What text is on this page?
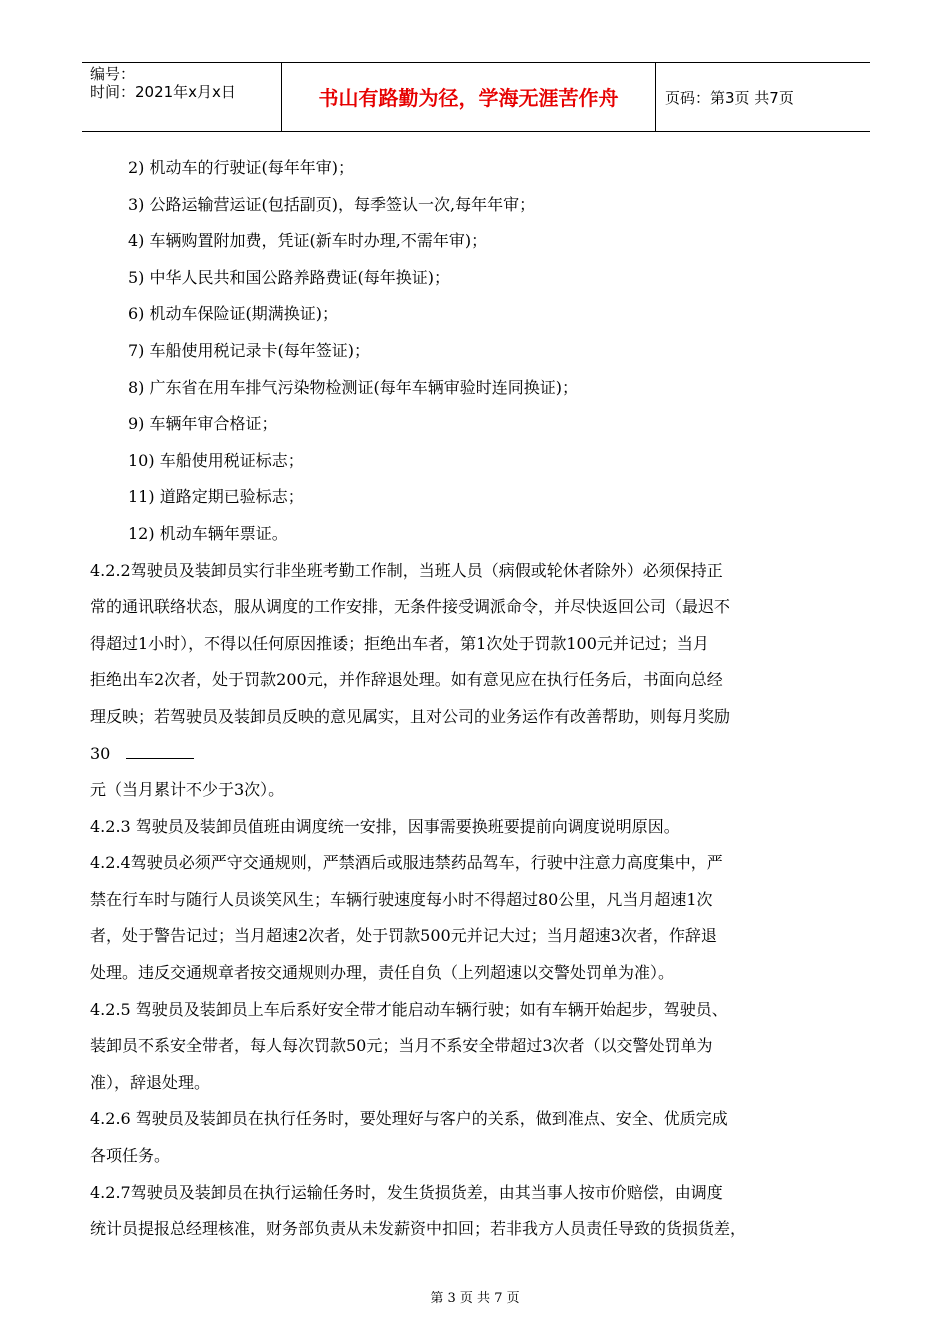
编号：
时间：2021年x月x日	书山有路勤为径，学海无涯苦作舟	页码：第3页 共7页
2) 机动车的行驶证(每年年审)；
3) 公路运输营运证(包括副页)，每季签认一次,每年年审；
4) 车辆购置附加费，凭证(新车时办理,不需年审)；
5) 中华人民共和国公路养路费证(每年换证)；
6) 机动车保险证(期满换证)；
7) 车船使用税记录卡(每年签证)；
8) 广东省在用车排气污染物检测证(每年车辆审验时连同换证)；
9) 车辆年审合格证；
10) 车船使用税证标志；
11) 道路定期已验标志；
12) 机动车辆年票证。
4.2.2驾驶员及装卸员实行非坐班考勤工作制，当班人员（病假或轮休者除外）必须保持正
常的通讯联络状态，服从调度的工作安排，无条件接受调派命令，并尽快返回公司（最迟不
得超过1小时），不得以任何原因推诿；拒绝出车者，第1次处于罚款100元并记过；当月
拒绝出车2次者，处于罚款200元，并作辞退处理。如有意见应在执行任务后，书面向总经
理反映；若驾驶员及装卸员反映的意见属实，且对公司的业务运作有改善帮助，则每月奖励
30
元（当月累计不少于3次）。
4.2.3 驾驶员及装卸员值班由调度统一安排，因事需要换班要提前向调度说明原因。
4.2.4驾驶员必须严守交通规则，严禁酒后或服违禁药品驾车，行驶中注意力高度集中，严
禁在行车时与随行人员谈笑风生；车辆行驶速度每小时不得超过80公里，凡当月超速1次
者，处于警告记过；当月超速2次者，处于罚款500元并记大过；当月超速3次者，作辞退
处理。违反交通规章者按交通规则办理，责任自负（上列超速以交警处罚单为准）。
4.2.5 驾驶员及装卸员上车后系好安全带才能启动车辆行驶；如有车辆开始起步，驾驶员、
装卸员不系安全带者，每人每次罚款50元；当月不系安全带超过3次者（以交警处罚单为
准），辞退处理。
4.2.6 驾驶员及装卸员在执行任务时，要处理好与客户的关系，做到准点、安全、优质完成
各项任务。
4.2.7驾驶员及装卸员在执行运输任务时，发生货损货差，由其当事人按市价赔偿，由调度
统计员提报总经理核准，财务部负责从未发薪资中扣回；若非我方人员责任导致的货损货差，
第 3 页 共 7 页
